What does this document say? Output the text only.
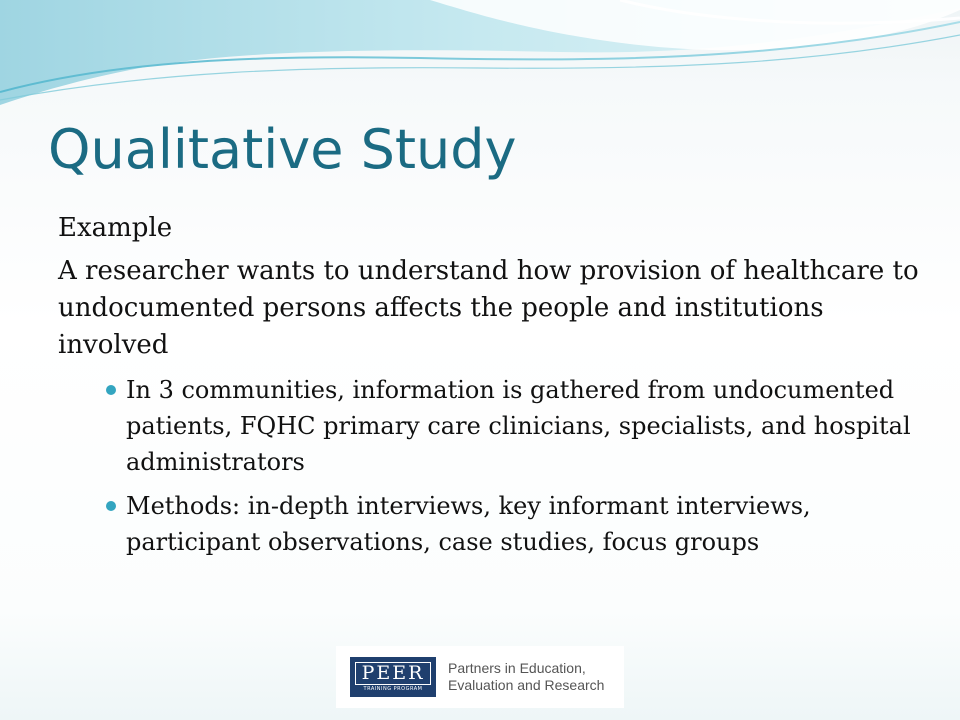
Qualitative Study

Example

A researcher wants to understand how provision of healthcare to undocumented persons affects the people and institutions involved

In 3 communities, information is gathered from undocumented patients, FQHC primary care clinicians, specialists, and hospital administrators
Methods: in-depth interviews, key informant interviews, participant observations, case studies, focus groups
PEER
TRAINING PROGRAM
Partners in Education,
Evaluation and Research
